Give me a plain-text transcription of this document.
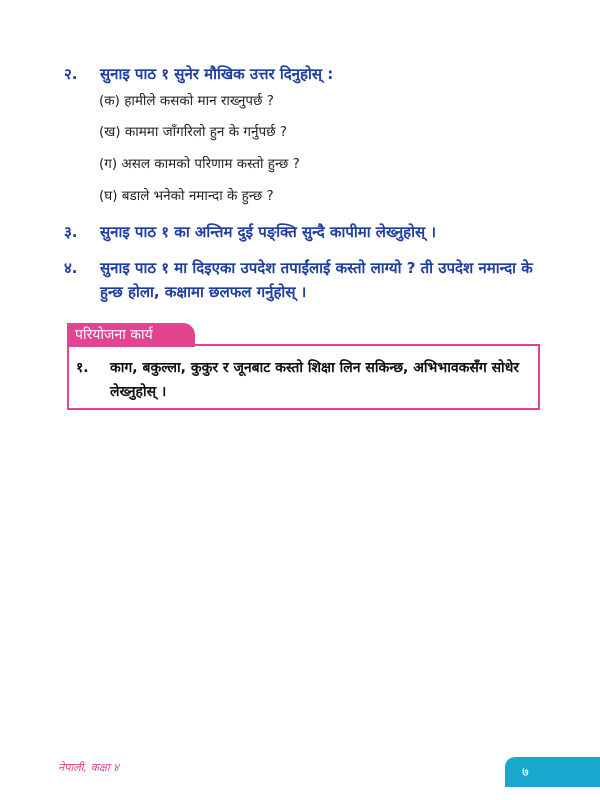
२. सुनाइ पाठ १ सुनेर मौखिक उत्तर दिनुहोस् :
(क) हामीले कसको मान राख्नुपर्छ ?
(ख) काममा जाँगरिलो हुन के गर्नुपर्छ ?
(ग) असल कामको परिणाम कस्तो हुन्छ ?
(घ) बडाले भनेको नमान्दा के हुन्छ ?
३. सुनाइ पाठ १ का अन्तिम दुई पङ्क्ति सुन्दै कापीमा लेख्नुहोस् ।
४. सुनाइ पाठ १ मा दिइएका उपदेश तपाईंलाई कस्तो लाग्यो ? ती उपदेश नमान्दा के हुन्छ होला, कक्षामा छलफल गर्नुहोस् ।
परियोजना कार्य
१. काग, बकुल्ला, कुकुर र जूनबाट कस्तो शिक्षा लिन सकिन्छ, अभिभावकसँग सोधेर लेख्नुहोस् ।
नेपाली, कक्षा ४	७
